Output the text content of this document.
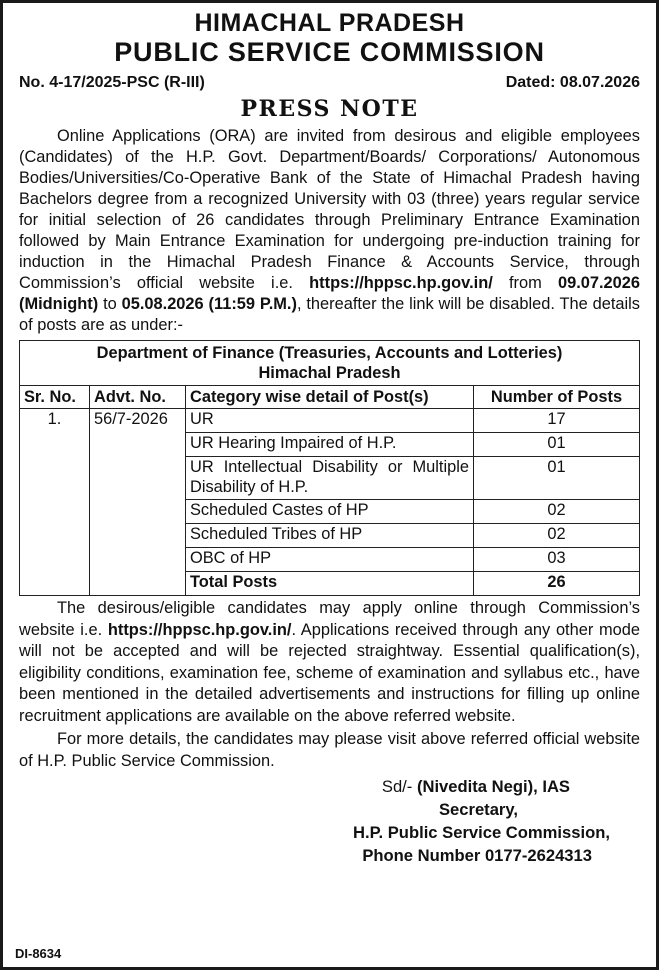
HIMACHAL PRADESH
PUBLIC SERVICE COMMISSION
No. 4-17/2025-PSC (R-III)	Dated: 08.07.2026
PRESS NOTE

Online Applications (ORA) are invited from desirous and eligible employees (Candidates) of the H.P. Govt. Department/Boards/ Corporations/ Autonomous Bodies/Universities/Co-Operative Bank of the State of Himachal Pradesh having Bachelors degree from a recognized University with 03 (three) years regular service for initial selection of 26 candidates through Preliminary Entrance Examination followed by Main Entrance Examination for undergoing pre-induction training for induction in the Himachal Pradesh Finance & Accounts Service, through Commission’s official website i.e. https://hppsc.hp.gov.in/ from 09.07.2026 (Midnight) to 05.08.2026 (11:59 P.M.), thereafter the link will be disabled. The details of posts are as under:-

Department of Finance (Treasuries, Accounts and Lotteries)
Himachal Pradesh			

Sr. No.	Advt. No.	Category wise detail of Post(s)	Number of Posts
1.	56/7-2026	UR	17
		UR Hearing Impaired of H.P.	01
		UR Intellectual Disability or Multiple Disability of H.P.	01
		Scheduled Castes of HP	02
		Scheduled Tribes of HP	02
		OBC of HP	03
		Total Posts	26

The desirous/eligible candidates may apply online through Commission’s website i.e. https://hppsc.hp.gov.in/. Applications received through any other mode will not be accepted and will be rejected straightway. Essential qualification(s), eligibility conditions, examination fee, scheme of examination and syllabus etc., have been mentioned in the detailed advertisements and instructions for filling up online recruitment applications are available on the above referred website.

For more details, the candidates may please visit above referred official website of H.P. Public Service Commission.

Sd/- (Nivedita Negi), IAS
Secretary,
H.P. Public Service Commission,
Phone Number 0177-2624313
DI-8634
